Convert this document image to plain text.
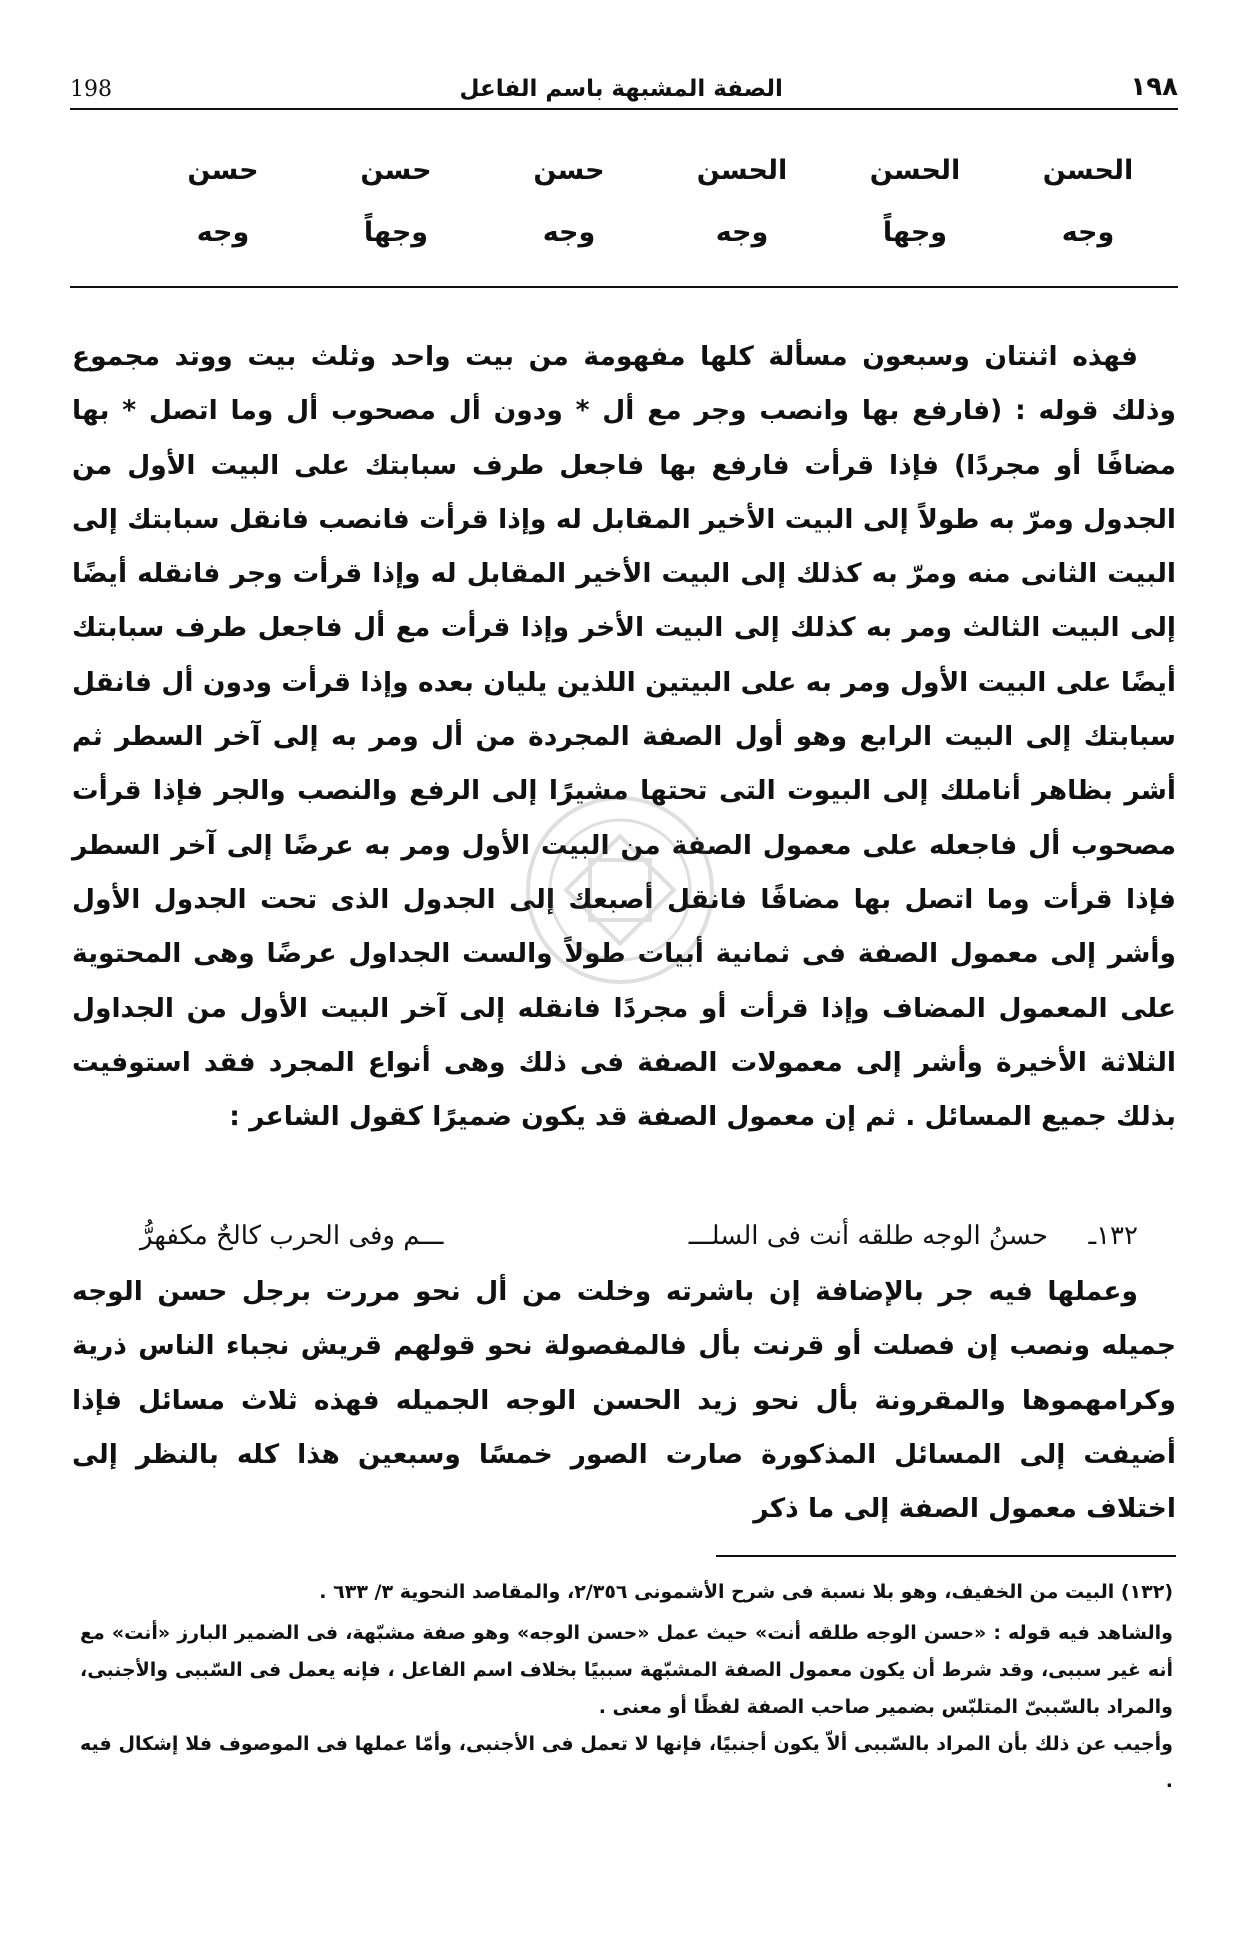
١٩٨
الصفة المشبهة باسم الفاعل
198
الحسن
وجه
الحسن
وجهاً
الحسن
وجه
حسن
وجه
حسن
وجهاً
حسن
وجه

فهذه اثنتان وسبعون مسألة كلها مفهومة من بيت واحد وثلث بيت ووتد مجموع وذلك قوله : (فارفع بها وانصب وجر مع أل * ودون أل مصحوب أل وما اتصل * بها مضافًا أو مجردًا) فإذا قرأت فارفع بها فاجعل طرف سبابتك على البيت الأول من الجدول ومرّ به طولاً إلى البيت الأخير المقابل له وإذا قرأت فانصب فانقل سبابتك إلى البيت الثانى منه ومرّ به كذلك إلى البيت الأخير المقابل له وإذا قرأت وجر فانقله أيضًا إلى البيت الثالث ومر به كذلك إلى البيت الأخر وإذا قرأت مع أل فاجعل طرف سبابتك أيضًا على البيت الأول ومر به على البيتين اللذين يليان بعده وإذا قرأت ودون أل فانقل سبابتك إلى البيت الرابع وهو أول الصفة المجردة من أل ومر به إلى آخر السطر ثم أشر بظاهر أناملك إلى البيوت التى تحتها مشيرًا إلى الرفع والنصب والجر فإذا قرأت مصحوب أل فاجعله على معمول الصفة من البيت الأول ومر به عرضًا إلى آخر السطر فإذا قرأت وما اتصل بها مضافًا فانقل أصبعك إلى الجدول الذى تحت الجدول الأول وأشر إلى معمول الصفة فى ثمانية أبيات طولاً والست الجداول عرضًا وهى المحتوية على المعمول المضاف وإذا قرأت أو مجردًا فانقله إلى آخر البيت الأول من الجداول الثلاثة الأخيرة وأشر إلى معمولات الصفة فى ذلك وهى أنواع المجرد فقد استوفيت بذلك جميع المسائل . ثم إن معمول الصفة قد يكون ضميرًا كقول الشاعر :

١٣٢ـ
حسنُ الوجه طلقه أنت فى السلـــ
ـــم وفى الحرب كالحٌ مكفهرُّ

وعملها فيه جر بالإضافة إن باشرته وخلت من أل نحو مررت برجل حسن الوجه جميله ونصب إن فصلت أو قرنت بأل فالمفصولة نحو قولهم قريش نجباء الناس ذرية وكرامهموها والمقرونة بأل نحو زيد الحسن الوجه الجميله فهذه ثلاث مسائل فإذا أضيفت إلى المسائل المذكورة صارت الصور خمسًا وسبعين هذا كله بالنظر إلى اختلاف معمول الصفة إلى ما ذكر

(١٣٢) البيت من الخفيف، وهو بلا نسبة فى شرح الأشمونى ٢/٣٥٦، والمقاصد النحوية ٣/ ٦٣٣ .

والشاهد فيه قوله : «حسن الوجه طلقه أنت» حيث عمل «حسن الوجه» وهو صفة مشبّهة، فى الضمير البارز «أنت» مع أنه غير سببى، وقد شرط أن يكون معمول الصفة المشبّهة سببيًا بخلاف اسم الفاعل ، فإنه يعمل فى السّببى والأجنبى، والمراد بالسّببىّ المتلبّس بضمير صاحب الصفة لفظًا أو معنى .

وأجيب عن ذلك بأن المراد بالسّببى ألاّ يكون أجنبيًا، فإنها لا تعمل فى الأجنبى، وأمّا عملها فى الموصوف فلا إشكال فيه .
